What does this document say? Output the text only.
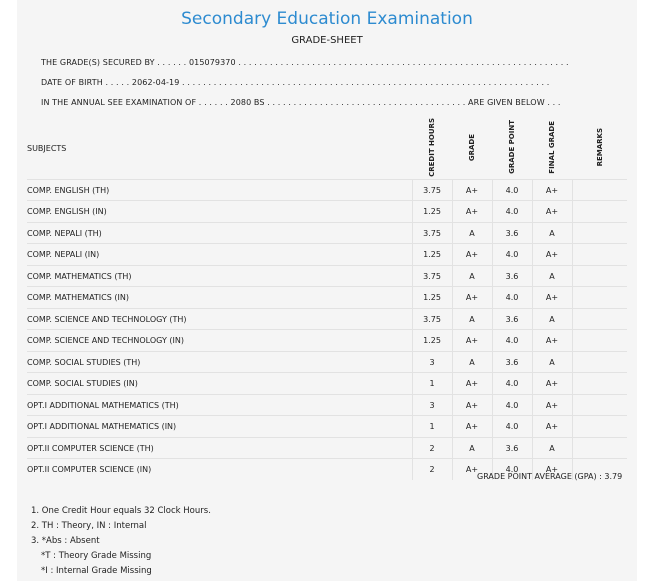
Secondary Education Examination
GRADE-SHEET
THE GRADE(S) SECURED BY . . . . . . 015079370 . . . . . . . . . . . . . . . . . . . . . . . . . . . . . . . . . . . . . . . . . . . . . . . . . . . . . . . . . . . . . . .
DATE OF BIRTH . . . . . 2062-04-19 . . . . . . . . . . . . . . . . . . . . . . . . . . . . . . . . . . . . . . . . . . . . . . . . . . . . . . . . . . . . . . . . . . . . . .
IN THE ANNUAL SEE EXAMINATION OF . . . . . . 2080 BS . . . . . . . . . . . . . . . . . . . . . . . . . . . . . . . . . . . . . . ARE GIVEN BELOW . . .
SUBJECTS	CREDIT HOURS	GRADE	GRADE POINT	FINAL GRADE	REMARKS
COMP. ENGLISH (TH)	3.75	A+	4.0	A+	
COMP. ENGLISH (IN)	1.25	A+	4.0	A+	
COMP. NEPALI (TH)	3.75	A	3.6	A	
COMP. NEPALI (IN)	1.25	A+	4.0	A+	
COMP. MATHEMATICS (TH)	3.75	A	3.6	A	
COMP. MATHEMATICS (IN)	1.25	A+	4.0	A+	
COMP. SCIENCE AND TECHNOLOGY (TH)	3.75	A	3.6	A	
COMP. SCIENCE AND TECHNOLOGY (IN)	1.25	A+	4.0	A+	
COMP. SOCIAL STUDIES (TH)	3	A	3.6	A	
COMP. SOCIAL STUDIES (IN)	1	A+	4.0	A+	
OPT.I ADDITIONAL MATHEMATICS (TH)	3	A+	4.0	A+	
OPT.I ADDITIONAL MATHEMATICS (IN)	1	A+	4.0	A+	
OPT.II COMPUTER SCIENCE (TH)	2	A	3.6	A	
OPT.II COMPUTER SCIENCE (IN)	2	A+	4.0	A+	
GRADE POINT AVERAGE (GPA) : 3.79
1. One Credit Hour equals 32 Clock Hours.
2. TH : Theory, IN : Internal
3. *Abs : Absent
*T : Theory Grade Missing
*I : Internal Grade Missing
